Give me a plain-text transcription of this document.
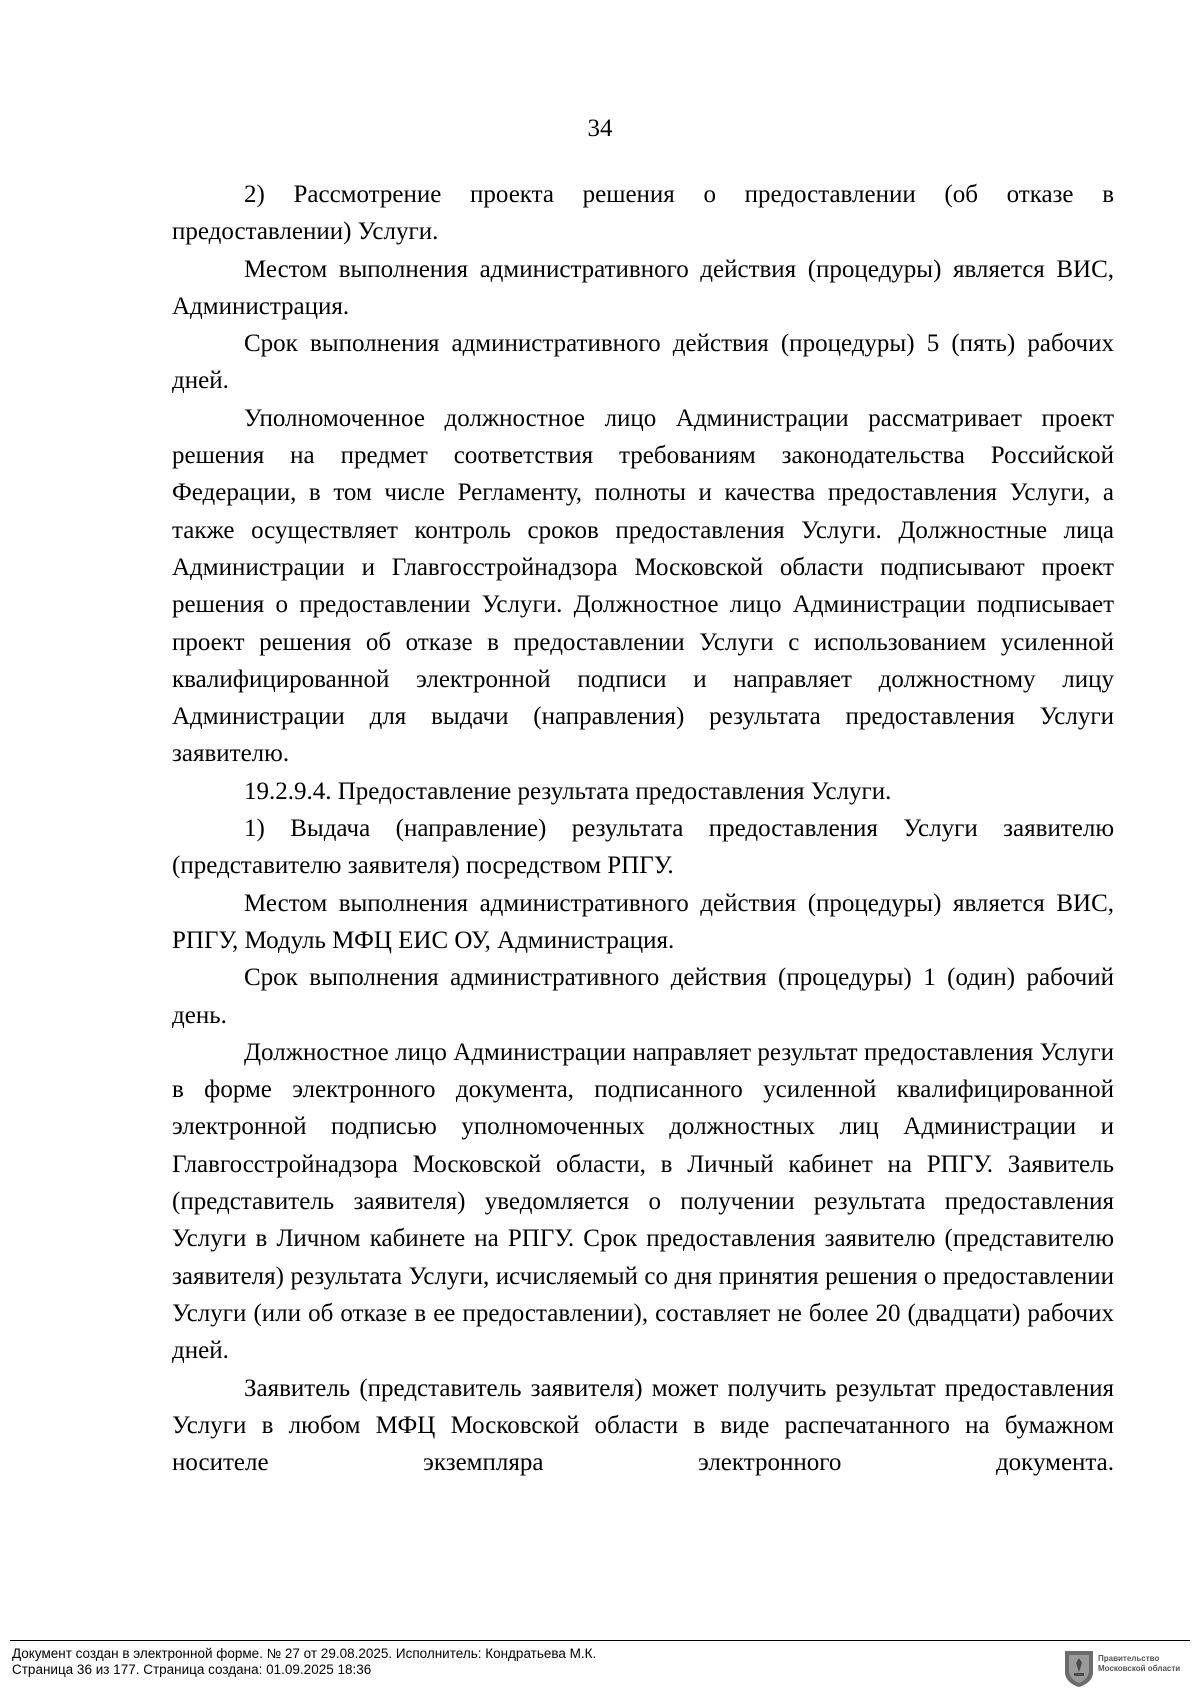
34

2) Рассмотрение проекта решения о предоставлении (об отказе в предоставлении) Услуги.

Местом выполнения административного действия (процедуры) является ВИС, Администрация.

Срок выполнения административного действия (процедуры) 5 (пять) рабочих дней.

Уполномоченное должностное лицо Администрации рассматривает проект решения на предмет соответствия требованиям законодательства Российской Федерации, в том числе Регламенту, полноты и качества предоставления Услуги, а также осуществляет контроль сроков предоставления Услуги. Должностные лица Администрации и Главгосстройнадзора Московской области подписывают проект решения о предоставлении Услуги. Должностное лицо Администрации подписывает проект решения об отказе в предоставлении Услуги с использованием усиленной квалифицированной электронной подписи и направляет должностному лицу Администрации для выдачи (направления) результата предоставления Услуги заявителю.

19.2.9.4. Предоставление результата предоставления Услуги.

1) Выдача (направление) результата предоставления Услуги заявителю (представителю заявителя) посредством РПГУ.

Местом выполнения административного действия (процедуры) является ВИС, РПГУ, Модуль МФЦ ЕИС ОУ, Администрация.

Срок выполнения административного действия (процедуры) 1 (один) рабочий день.

Должностное лицо Администрации направляет результат предоставления Услуги в форме электронного документа, подписанного усиленной квалифицированной электронной подписью уполномоченных должностных лиц Администрации и Главгосстройнадзора Московской области, в Личный кабинет на РПГУ. Заявитель (представитель заявителя) уведомляется о получении результата предоставления Услуги в Личном кабинете на РПГУ. Срок предоставления заявителю (представителю заявителя) результата Услуги, исчисляемый со дня принятия решения о предоставлении Услуги (или об отказе в ее предоставлении), составляет не более 20 (двадцати) рабочих дней.

Заявитель (представитель заявителя) может получить результат предоставления Услуги в любом МФЦ Московской области в виде распечатанного на бумажном носителе экземпляра электронного документа.

Документ создан в электронной форме. № 27 от 29.08.2025. Исполнитель: Кондратьева М.К.
Страница 36 из 177. Страница создана: 01.09.2025 18:36
Правительство
Московской области
